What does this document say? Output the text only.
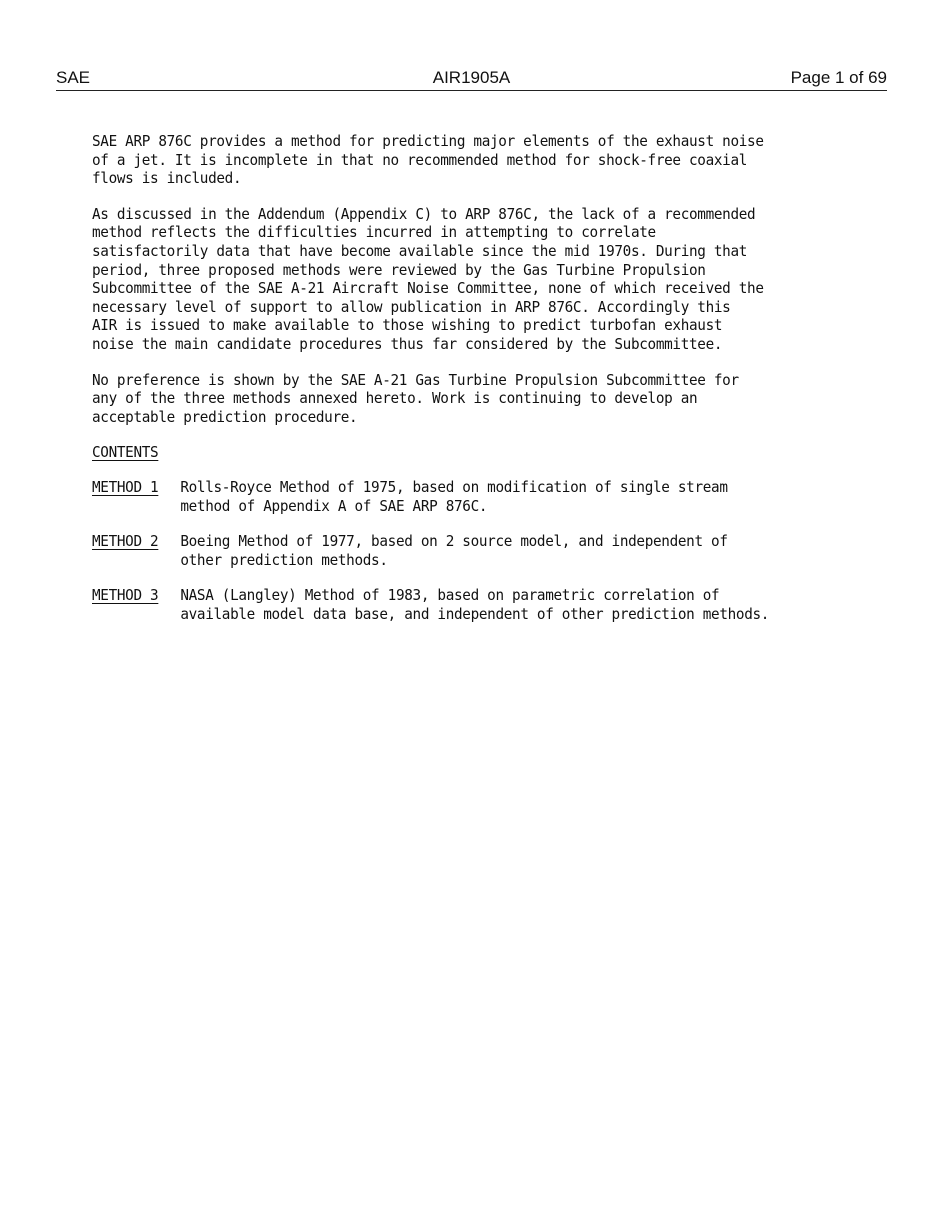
SAE	AIR1905A	Page 1 of 69

SAE ARP 876C provides a method for predicting major elements of the exhaust noise
of a jet. It is incomplete in that no recommended method for shock-free coaxial
flows is included.

As discussed in the Addendum (Appendix C) to ARP 876C, the lack of a recommended
method reflects the difficulties incurred in attempting to correlate
satisfactorily data that have become available since the mid 1970s. During that
period, three proposed methods were reviewed by the Gas Turbine Propulsion
Subcommittee of the SAE A-21 Aircraft Noise Committee, none of which received the
necessary level of support to allow publication in ARP 876C. Accordingly this
AIR is issued to make available to those wishing to predict turbofan exhaust
noise the main candidate procedures thus far considered by the Subcommittee.

No preference is shown by the SAE A-21 Gas Turbine Propulsion Subcommittee for
any of the three methods annexed hereto. Work is continuing to develop an
acceptable prediction procedure.

CONTENTS
METHOD 1	Rolls-Royce Method of 1975, based on modification of single stream
method of Appendix A of SAE ARP 876C.
METHOD 2	Boeing Method of 1977, based on 2 source model, and independent of
other prediction methods.
METHOD 3	NASA (Langley) Method of 1983, based on parametric correlation of
available model data base, and independent of other prediction methods.
